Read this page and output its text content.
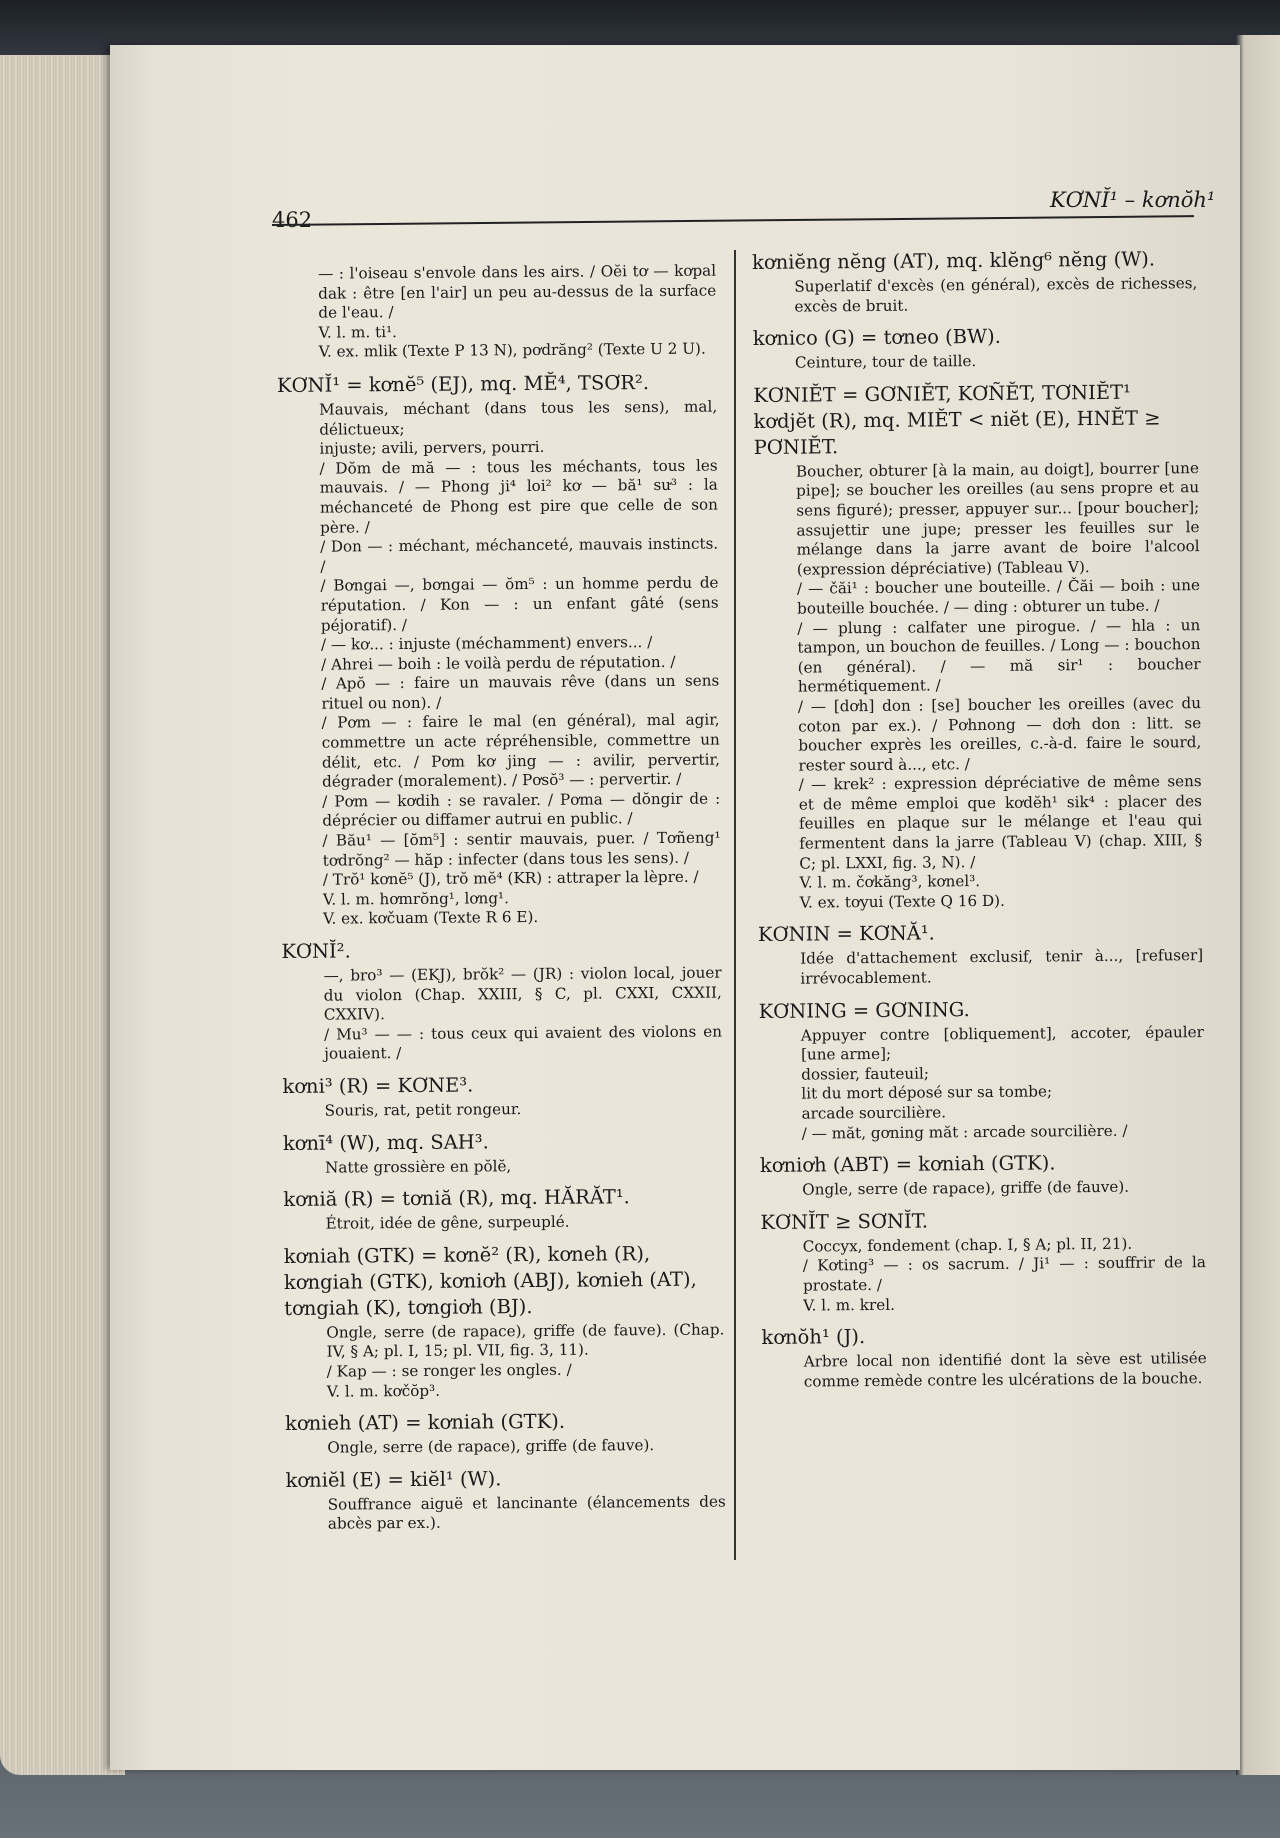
462
KƠNĬ¹ – kơnŏh¹

— : l'oiseau s'envole dans les airs. / Oĕi tơ — kơpal dak : être [en l'air] un peu au-dessus de la surface de l'eau. /

V. l. m. ti¹.

V. ex. mlik (Texte P 13 N), pơdrăng² (Texte U 2 U).

KƠNĬ¹ = kơnĕ⁵ (EJ), mq. MĔ⁴, TSƠR².

Mauvais, méchant (dans tous les sens), mal, délictueux;

injuste; avili, pervers, pourri.

/ Dŏm de mă — : tous les méchants, tous les mauvais. / — Phong ji⁴ loi² kơ — bă¹ sư³ : la méchanceté de Phong est pire que celle de son père. /

/ Don — : méchant, méchanceté, mauvais instincts. /

/ Bơngai —, bơngai — ŏm⁵ : un homme perdu de réputation. / Kon — : un enfant gâté (sens péjoratif). /

/ — kơ... : injuste (méchamment) envers... /

/ Ahrei — boih : le voilà perdu de réputation. /

/ Apŏ — : faire un mauvais rêve (dans un sens rituel ou non). /

/ Pơm — : faire le mal (en général), mal agir, commettre un acte répréhensible, commettre un délit, etc. / Pơm kơ jing — : avilir, pervertir, dégrader (moralement). / Pơsŏ³ — : pervertir. /

/ Pơm — kơdih : se ravaler. / Pơma — dŏngir de : déprécier ou diffamer autrui en public. /

/ Bău¹ — [ŏm⁵] : sentir mauvais, puer. / Tơñeng¹ tơdrŏng² — hăp : infecter (dans tous les sens). /

/ Trŏ¹ kơnĕ⁵ (J), trŏ mĕ⁴ (KR) : attraper la lèpre. /

V. l. m. hơmrŏng¹, lơng¹.

V. ex. kơčuam (Texte R 6 E).

KƠNĬ².

—, bro³ — (EKJ), brŏk² — (JR) : violon local, jouer du violon (Chap. XXIII, § C, pl. CXXI, CXXII, CXXIV).

/ Mu³ — — : tous ceux qui avaient des violons en jouaient. /

kơni³ (R) = KƠNE³.

Souris, rat, petit rongeur.

kơnī⁴ (W), mq. SAH³.

Natte grossière en pŏlĕ,

kơniă (R) = tơniă (R), mq. HĂRĂT¹.

Étroit, idée de gêne, surpeuplé.

kơniah (GTK) = kơnĕ² (R), kơneh (R), kơngiah (GTK), kơniơh (ABJ), kơnieh (AT), tơngiah (K), tơngiơh (BJ).

Ongle, serre (de rapace), griffe (de fauve). (Chap. IV, § A; pl. I, 15; pl. VII, fig. 3, 11).

/ Kap — : se ronger les ongles. /

V. l. m. kơčŏp³.

kơnieh (AT) = kơniah (GTK).

Ongle, serre (de rapace), griffe (de fauve).

kơniĕl (E) = kiĕl¹ (W).

Souffrance aiguë et lancinante (élancements des abcès par ex.).

kơniĕng nĕng (AT), mq. klĕng⁶ nĕng (W).

Superlatif d'excès (en général), excès de richesses, excès de bruit.

kơnico (G) = tơneo (BW).

Ceinture, tour de taille.

KƠNIĔT = GƠNIĔT, KƠÑĔT, TƠNIĔT¹ kơdjĕt (R), mq. MIĔT < niĕt (E), HNĔT ≥ PƠNIĔT.

Boucher, obturer [à la main, au doigt], bourrer [une pipe]; se boucher les oreilles (au sens propre et au sens figuré); presser, appuyer sur... [pour boucher]; assujettir une jupe; presser les feuilles sur le mélange dans la jarre avant de boire l'alcool (expression dépréciative) (Tableau V).

/ — čăi¹ : boucher une bouteille. / Čăi — boih : une bouteille bouchée. / — ding : obturer un tube. /

/ — plung : calfater une pirogue. / — hla : un tampon, un bouchon de feuilles. / Long — : bouchon (en général). / — mă sir¹ : boucher hermétiquement. /

/ — [dơh] don : [se] boucher les oreilles (avec du coton par ex.). / Pơhnong — dơh don : litt. se boucher exprès les oreilles, c.-à-d. faire le sourd, rester sourd à..., etc. /

/ — krek² : expression dépréciative de même sens et de même emploi que kơdĕh¹ sik⁴ : placer des feuilles en plaque sur le mélange et l'eau qui fermentent dans la jarre (Tableau V) (chap. XIII, § C; pl. LXXI, fig. 3, N). /

V. l. m. čơkăng³, kơnel³.

V. ex. tơyui (Texte Q 16 D).

KƠNIN = KƠNĂ¹.

Idée d'attachement exclusif, tenir à..., [refuser] irrévocablement.

KƠNING = GƠNING.

Appuyer contre [obliquement], accoter, épauler [une arme];

dossier, fauteuil;

lit du mort déposé sur sa tombe;

arcade sourcilière.

/ — măt, gơning măt : arcade sourcilière. /

kơniơh (ABT) = kơniah (GTK).

Ongle, serre (de rapace), griffe (de fauve).

KƠNĬT ≥ SƠNĬT.

Coccyx, fondement (chap. I, § A; pl. II, 21).

/ Kơting³ — : os sacrum. / Ji¹ — : souffrir de la prostate. /

V. l. m. krel.

kơnŏh¹ (J).

Arbre local non identifié dont la sève est utilisée comme remède contre les ulcérations de la bouche.
